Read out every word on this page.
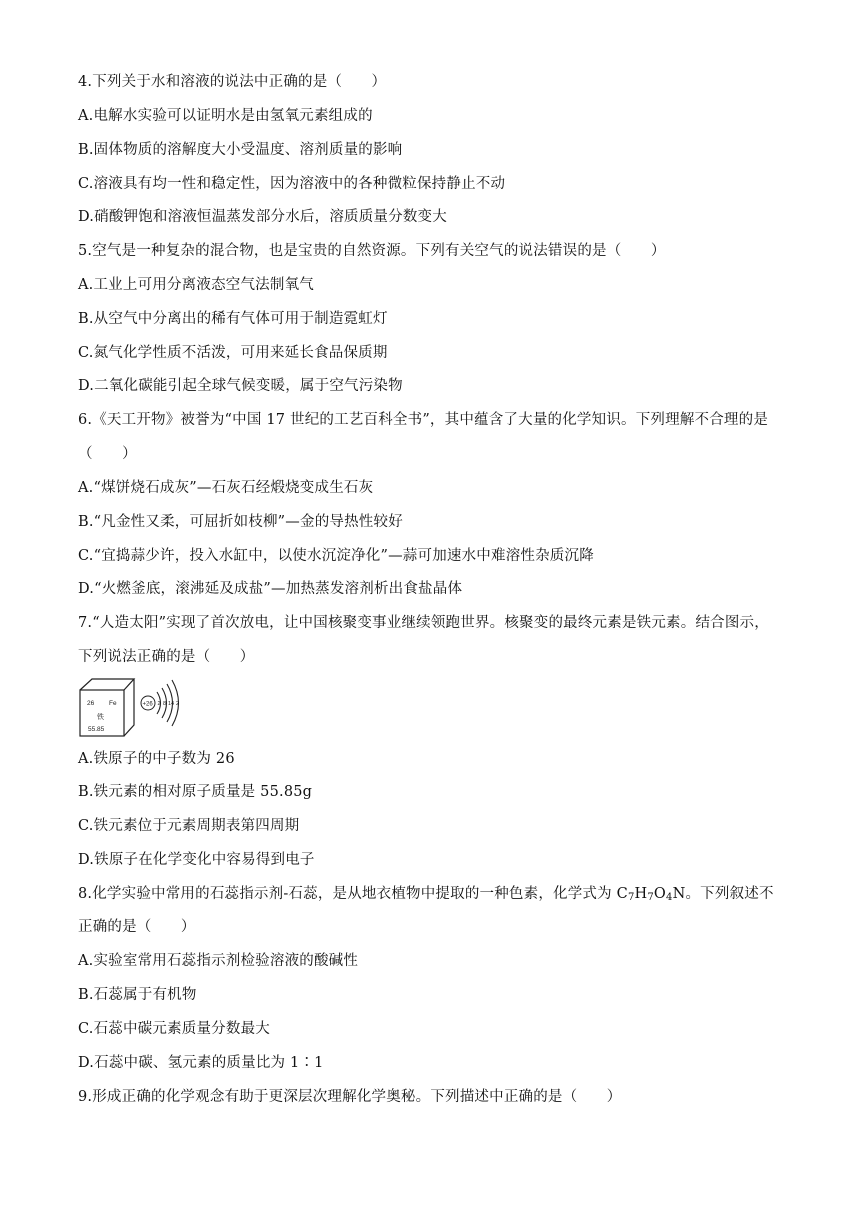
4.下列关于水和溶液的说法中正确的是（　　）
A.电解水实验可以证明水是由氢氧元素组成的
B.固体物质的溶解度大小受温度、溶剂质量的影响
C.溶液具有均一性和稳定性，因为溶液中的各种微粒保持静止不动
D.硝酸钾饱和溶液恒温蒸发部分水后，溶质质量分数变大
5.空气是一种复杂的混合物，也是宝贵的自然资源。下列有关空气的说法错误的是（　　）
A.工业上可用分离液态空气法制氧气
B.从空气中分离出的稀有气体可用于制造霓虹灯
C.氮气化学性质不活泼，可用来延长食品保质期
D.二氧化碳能引起全球气候变暖，属于空气污染物
6.《天工开物》被誉为“中国 17 世纪的工艺百科全书”，其中蕴含了大量的化学知识。下列理解不合理的是
（　　）
A.“煤饼烧石成灰”—石灰石经煅烧变成生石灰
B.“凡金性又柔，可屈折如枝柳”—金的导热性较好
C.“宜捣蒜少许，投入水缸中，以使水沉淀净化”—蒜可加速水中难溶性杂质沉降
D.“火燃釜底，滚沸延及成盐”—加热蒸发溶剂析出食盐晶体
7.“人造太阳”实现了首次放电，让中国核聚变事业继续领跑世界。核聚变的最终元素是铁元素。结合图示，
下列说法正确的是（　　）
26 Fe
铁
55.85
+26 2 8 14 2
A.铁原子的中子数为 26
B.铁元素的相对原子质量是 55.85g
C.铁元素位于元素周期表第四周期
D.铁原子在化学变化中容易得到电子
8.化学实验中常用的石蕊指示剂-石蕊，是从地衣植物中提取的一种色素，化学式为 $C_7H_7O_4N$。下列叙述不
正确的是（　　）
A.实验室常用石蕊指示剂检验溶液的酸碱性
B.石蕊属于有机物
C.石蕊中碳元素质量分数最大
D.石蕊中碳、氢元素的质量比为 1∶1
9.形成正确的化学观念有助于更深层次理解化学奥秘。下列描述中正确的是（　　）
